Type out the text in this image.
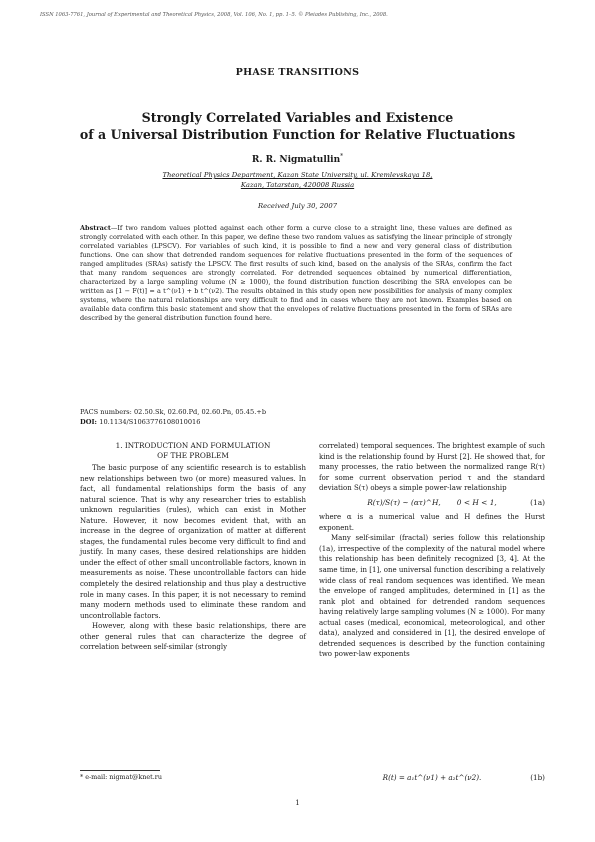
ISSN 1063-7761, Journal of Experimental and Theoretical Physics, 2008, Vol. 106, No. 1, pp. 1–5. © Pleiades Publishing, Inc., 2008.
PHASE TRANSITIONS
Strongly Correlated Variables and Existence
of a Universal Distribution Function for Relative Fluctuations
R. R. Nigmatullin*
Theoretical Physics Department, Kazan State University, ul. Kremlevskaya 18,
Kazan, Tatarstan, 420008 Russia
Received July 30, 2007
Abstract—If two random values plotted against each other form a curve close to a straight line, these values are defined as strongly correlated with each other. In this paper, we define these two random values as satisfying the linear principle of strongly correlated variables (LPSCV). For variables of such kind, it is possible to find a new and very general class of distribution functions. One can show that detrended random sequences for relative fluctuations presented in the form of the sequences of ranged amplitudes (SRAs) satisfy the LPSCV. The first results of such kind, based on the analysis of the SRAs, confirm the fact that many random sequences are strongly correlated. For detrended sequences obtained by numerical differentiation, characterized by a large sampling volume (N ≥ 1000), the found distribution function describing the SRA envelopes can be written as [1 − F(t)] = a t^(ν1) + b t^(ν2). The results obtained in this study open new possibilities for analysis of many complex systems, where the natural relationships are very difficult to find and in cases where they are not known. Examples based on available data confirm this basic statement and show that the envelopes of relative fluctuations presented in the form of SRAs are described by the general distribution function found here.
PACS numbers: 02.50.Sk, 02.60.Pd, 02.60.Pn, 05.45.+b
DOI: 10.1134/S1063776108010016
1. INTRODUCTION AND FORMULATION
OF THE PROBLEM

The basic purpose of any scientific research is to establish new relationships between two (or more) measured values. In fact, all fundamental relationships form the basis of any natural science. That is why any researcher tries to establish unknown regularities (rules), which can exist in Mother Nature. However, it now becomes evident that, with an increase in the degree of organization of matter at different stages, the fundamental rules become very difficult to find and justify. In many cases, these desired relationships are hidden under the effect of other small uncontrollable factors, known in measurements as noise. These uncontrollable factors can hide completely the desired relationship and thus play a destructive role in many cases. In this paper, it is not necessary to remind many modern methods used to eliminate these random and uncontrollable factors.

However, along with these basic relationships, there are other general rules that can characterize the degree of correlation between self-similar (strongly

correlated) temporal sequences. The brightest example of such kind is the relationship found by Hurst [2]. He showed that, for many processes, the ratio between the normalized range R(τ) for some current observation period τ and the standard deviation S(τ) obeys a simple power-law relationship

R(τ)/S(τ) ~ (ατ)^H, 0 < H < 1,	(1a)

where α is a numerical value and H defines the Hurst exponent.

Many self-similar (fractal) series follow this relationship (1a), irrespective of the complexity of the natural model where this relationship has been definitely recognized [3, 4]. At the same time, in [1], one universal function describing a relatively wide class of real random sequences was identified. We mean the envelope of ranged amplitudes, determined in [1] as the rank plot and obtained for detrended random sequences having relatively large sampling volumes (N ≥ 1000). For many actual cases (medical, economical, meteorological, and other data), analyzed and considered in [1], the desired envelope of detrended sequences is described by the function containing two power-law exponents

* e-mail: nigmat@knet.ru	R(t) = a₁t^(ν1) + a₂t^(ν2).	(1b)
1
